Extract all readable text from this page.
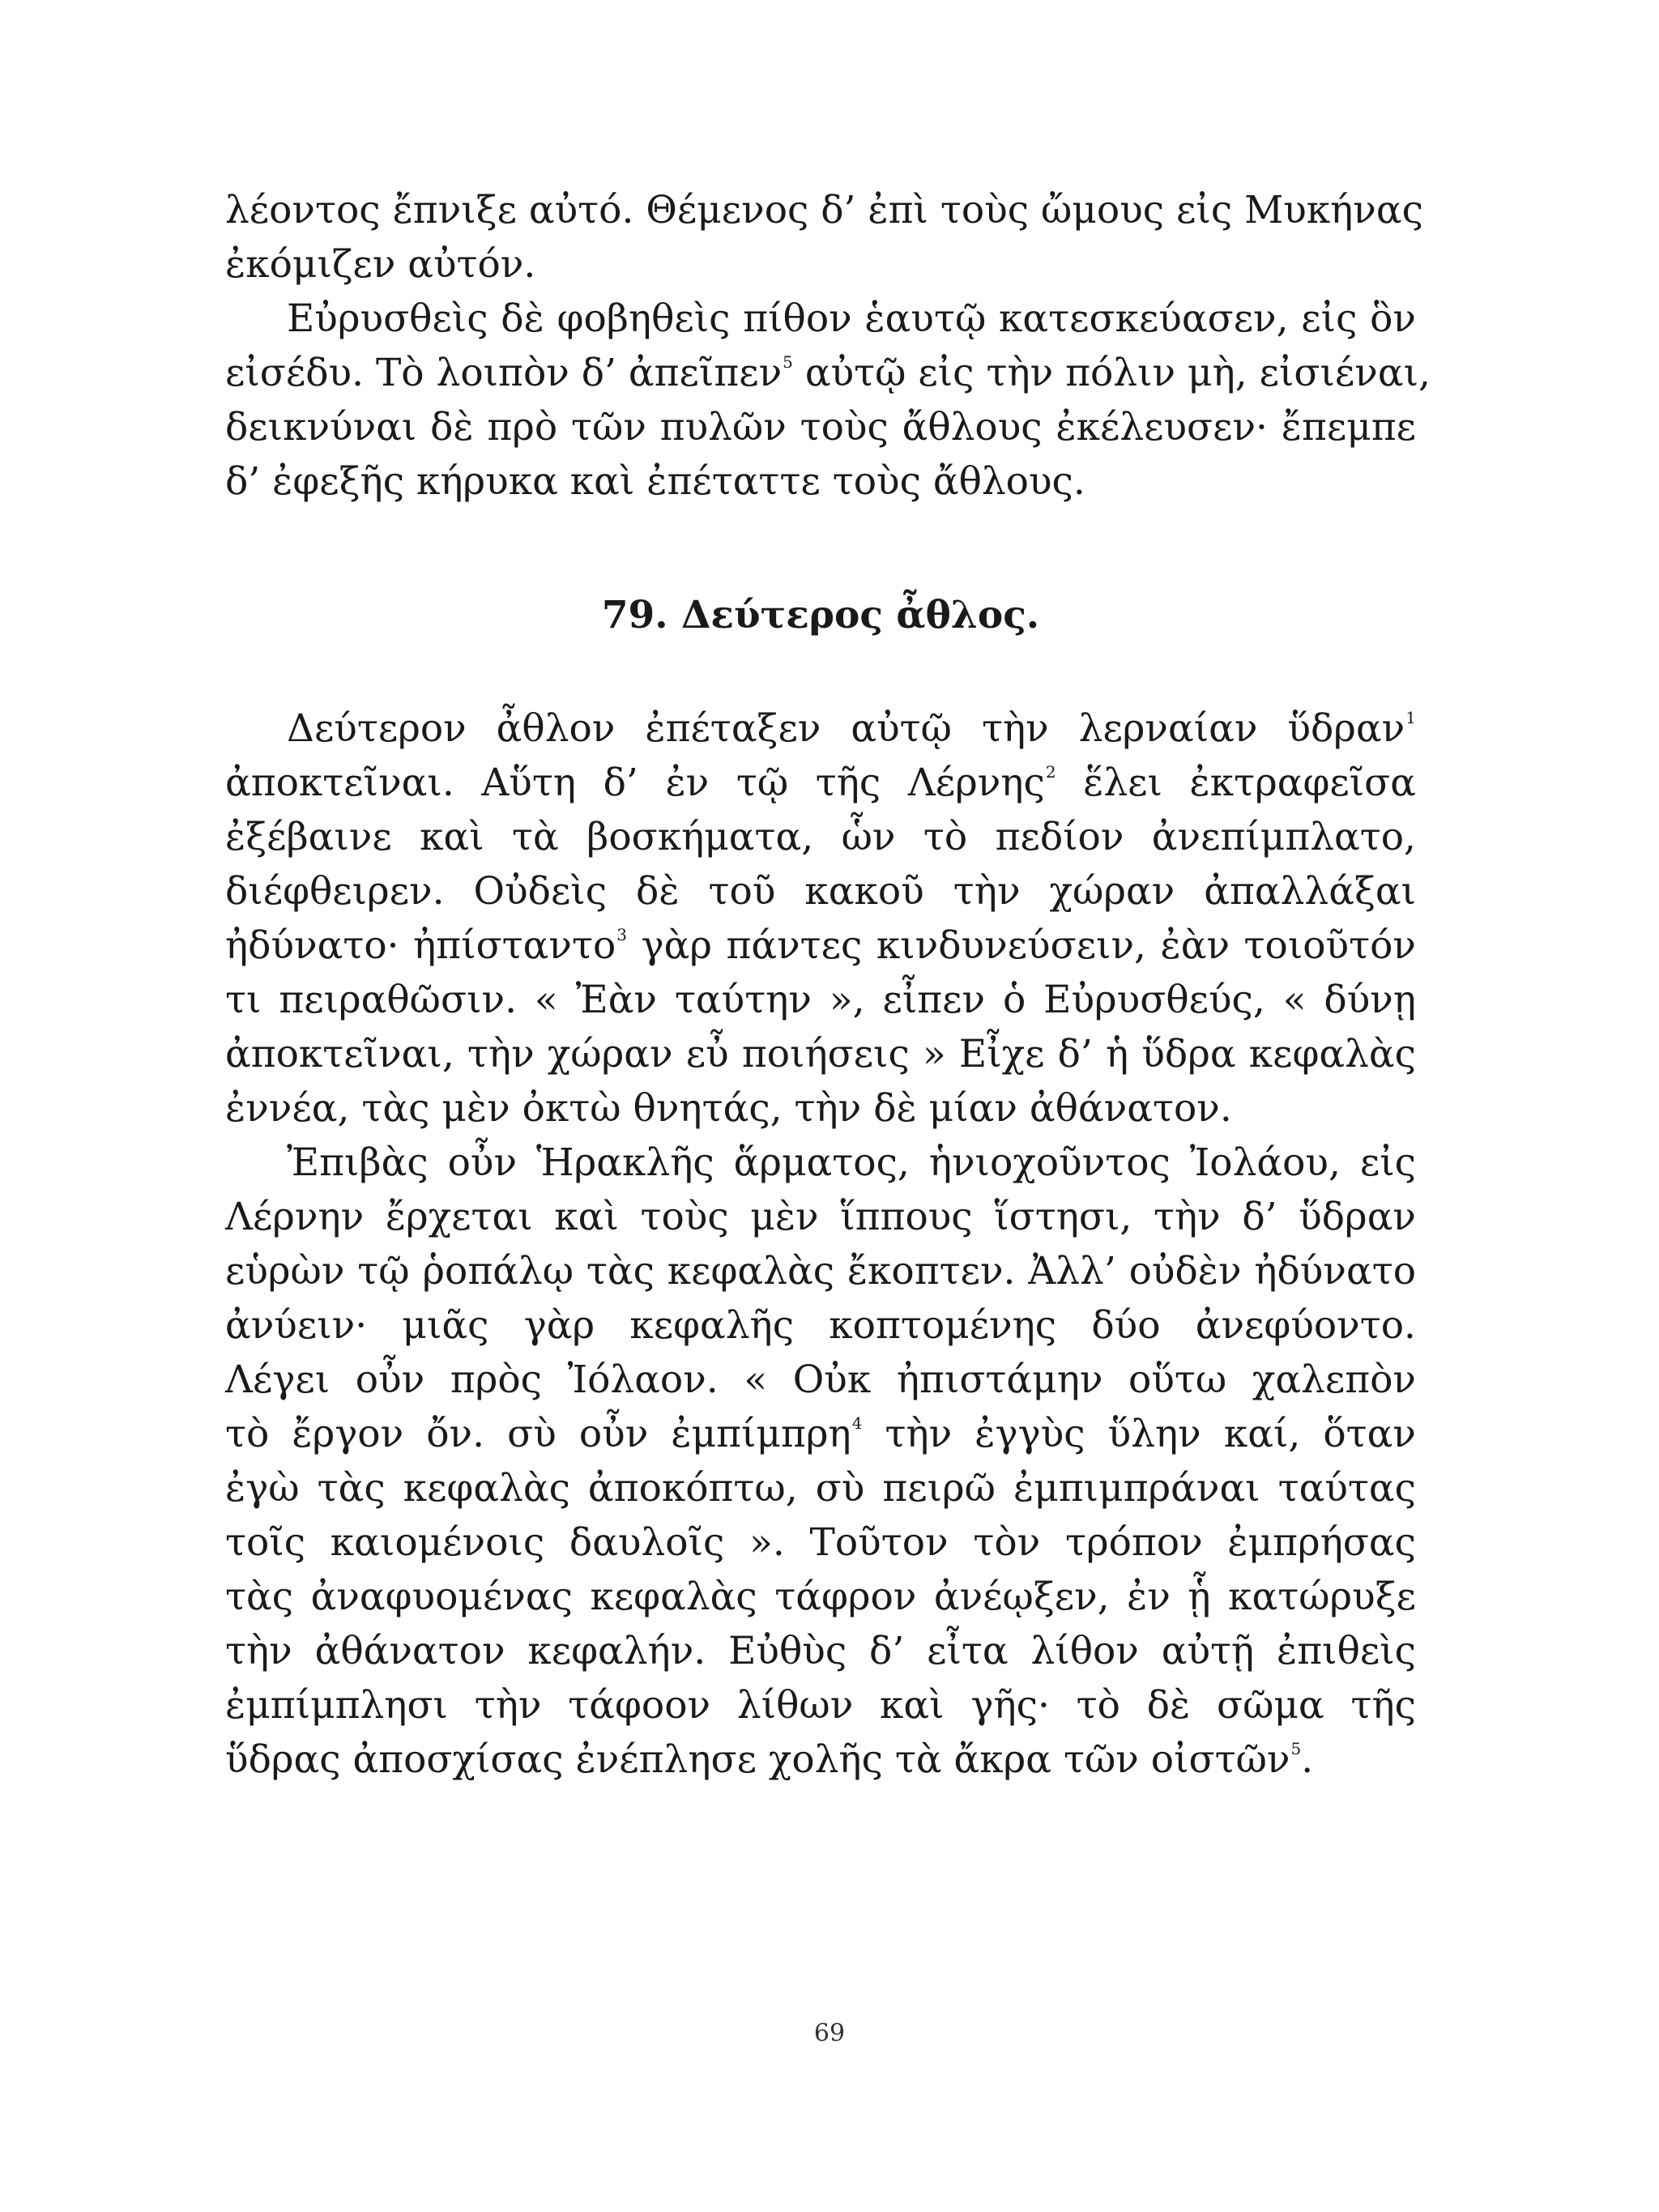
λέοντος ἔπνιξε αὐτό. Θέμενος δ’ ἐπὶ τοὺς ὤμους εἰς Μυκήνας
ἐκόμιζεν αὐτόν.
Εὐρυσθεὶς δὲ φοβηθεὶς πίθον ἑαυτῷ κατεσκεύασεν, εἰς ὃν
εἰσέδυ. Τὸ λοιπὸν δ’ ἀπεῖπεν$^5$ αὐτῷ εἰς τὴν πόλιν μὴ, εἰσιέναι,
δεικνύναι δὲ πρὸ τῶν πυλῶν τοὺς ἄθλους ἐκέλευσεν· ἔπεμπε
δ’ ἐφεξῆς κήρυκα καὶ ἐπέταττε τοὺς ἄθλους.
79. Δεύτερος ἆθλος.
Δεύτερον ἆθλον ἐπέταξεν αὐτῷ τὴν λερναίαν ὕδραν$^1$
ἀποκτεῖναι. Αὕτη δ’ ἐν τῷ τῆς Λέρνης$^2$ ἕλει ἐκτραφεῖσα
ἐξέβαινε καὶ τὰ βοσκήματα, ὧν τὸ πεδίον ἀνεπίμπλατο,
διέφθειρεν. Οὐδεὶς δὲ τοῦ κακοῦ τὴν χώραν ἀπαλλάξαι
ἠδύνατο· ἠπίσταντο$^3$ γὰρ πάντες κινδυνεύσειν, ἐὰν τοιοῦτόν
τι πειραθῶσιν. « Ἐὰν ταύτην », εἶπεν ὁ Εὐρυσθεύς, « δύνῃ
ἀποκτεῖναι, τὴν χώραν εὖ ποιήσεις » Εἶχε δ’ ἡ ὕδρα κεφαλὰς
ἐννέα, τὰς μὲν ὀκτὼ θνητάς, τὴν δὲ μίαν ἀθάνατον.
Ἐπιβὰς οὖν Ἡρακλῆς ἅρματος, ἡνιοχοῦντος Ἰολάου, εἰς
Λέρνην ἔρχεται καὶ τοὺς μὲν ἵππους ἵστησι, τὴν δ’ ὕδραν
εὑρὼν τῷ ῥοπάλῳ τὰς κεφαλὰς ἔκοπτεν. Ἀλλ’ οὐδὲν ἠδύνατο
ἀνύειν· μιᾶς γὰρ κεφαλῆς κοπτομένης δύο ἀνεφύοντο.
Λέγει οὖν πρὸς Ἰόλαον. « Οὐκ ἠπιστάμην οὕτω χαλεπὸν
τὸ ἔργον ὄν. σὺ οὖν ἐμπίμπρη$^4$ τὴν ἐγγὺς ὕλην καί, ὅταν
ἐγὼ τὰς κεφαλὰς ἀποκόπτω, σὺ πειρῶ ἐμπιμπράναι ταύτας
τοῖς καιομένοις δαυλοῖς ». Τοῦτον τὸν τρόπον ἐμπρήσας
τὰς ἀναφυομένας κεφαλὰς τάφρον ἀνέῳξεν, ἐν ᾗ κατώρυξε
τὴν ἀθάνατον κεφαλήν. Εὐθὺς δ’ εἶτα λίθον αὐτῇ ἐπιθεὶς
ἐμπίμπλησι τὴν τάφοον λίθων καὶ γῆς· τὸ δὲ σῶμα τῆς
ὕδρας ἀποσχίσας ἐνέπλησε χολῆς τὰ ἄκρα τῶν οἰστῶν$^5$.
69
